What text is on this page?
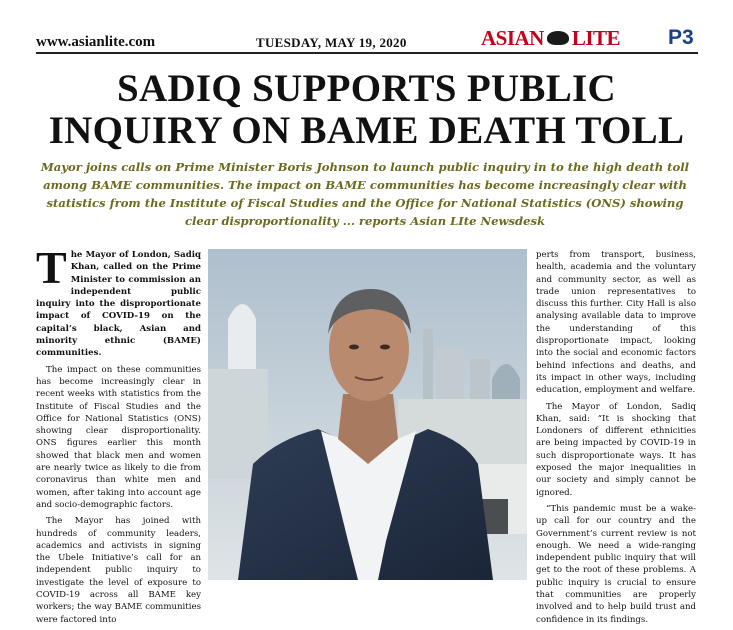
www.asianlite.com	TUESDAY, MAY 19, 2020	ASIAN LITE P3
SADIQ SUPPORTS PUBLIC
INQUIRY ON BAME DEATH TOLL

Mayor joins calls on Prime Minister Boris Johnson to launch public inquiry in to the high death toll among BAME communities. The impact on BAME communities has become increasingly clear with statistics from the Institute of Fiscal Studies and the Office for National Statistics (ONS) showing clear disproportionality ... reports Asian LIte Newsdesk

The Mayor of London, Sadiq Khan, called on the Prime Minister to commission an independent public inquiry into the disproportionate impact of COVID-19 on the capital’s black, Asian and minority ethnic (BAME) communities.

The impact on these communities has become increasingly clear in recent weeks with statistics from the Institute of Fiscal Studies and the Office for National Statistics (ONS) showing clear disproportionality. ONS figures earlier this month showed that black men and women are nearly twice as likely to die from coronavirus than white men and women, after taking into account age and socio-demographic factors.

The Mayor has joined with hundreds of community leaders, academics and activists in signing the Ubele Initiative’s call for an independent public inquiry to investigate the level of exposure to COVID-19 across all BAME key workers; the way BAME communities were factored into

perts from transport, business, health, academia and the voluntary and community sector, as well as trade union representatives to discuss this further. City Hall is also analysing available data to improve the understanding of this disproportionate impact, looking into the social and economic factors behind infections and deaths, and its impact in other ways, including education, employment and welfare.

The Mayor of London, Sadiq Khan, said: “It is shocking that Londoners of different ethnicities are being impacted by COVID-19 in such disproportionate ways. It has exposed the major inequalities in our society and simply cannot be ignored.

“This pandemic must be a wake-up call for our country and the Government’s current review is not enough. We need a wide-ranging independent public inquiry that will get to the root of these problems. A public inquiry is crucial to ensure that communities are properly involved and to help build trust and confidence in its findings.
